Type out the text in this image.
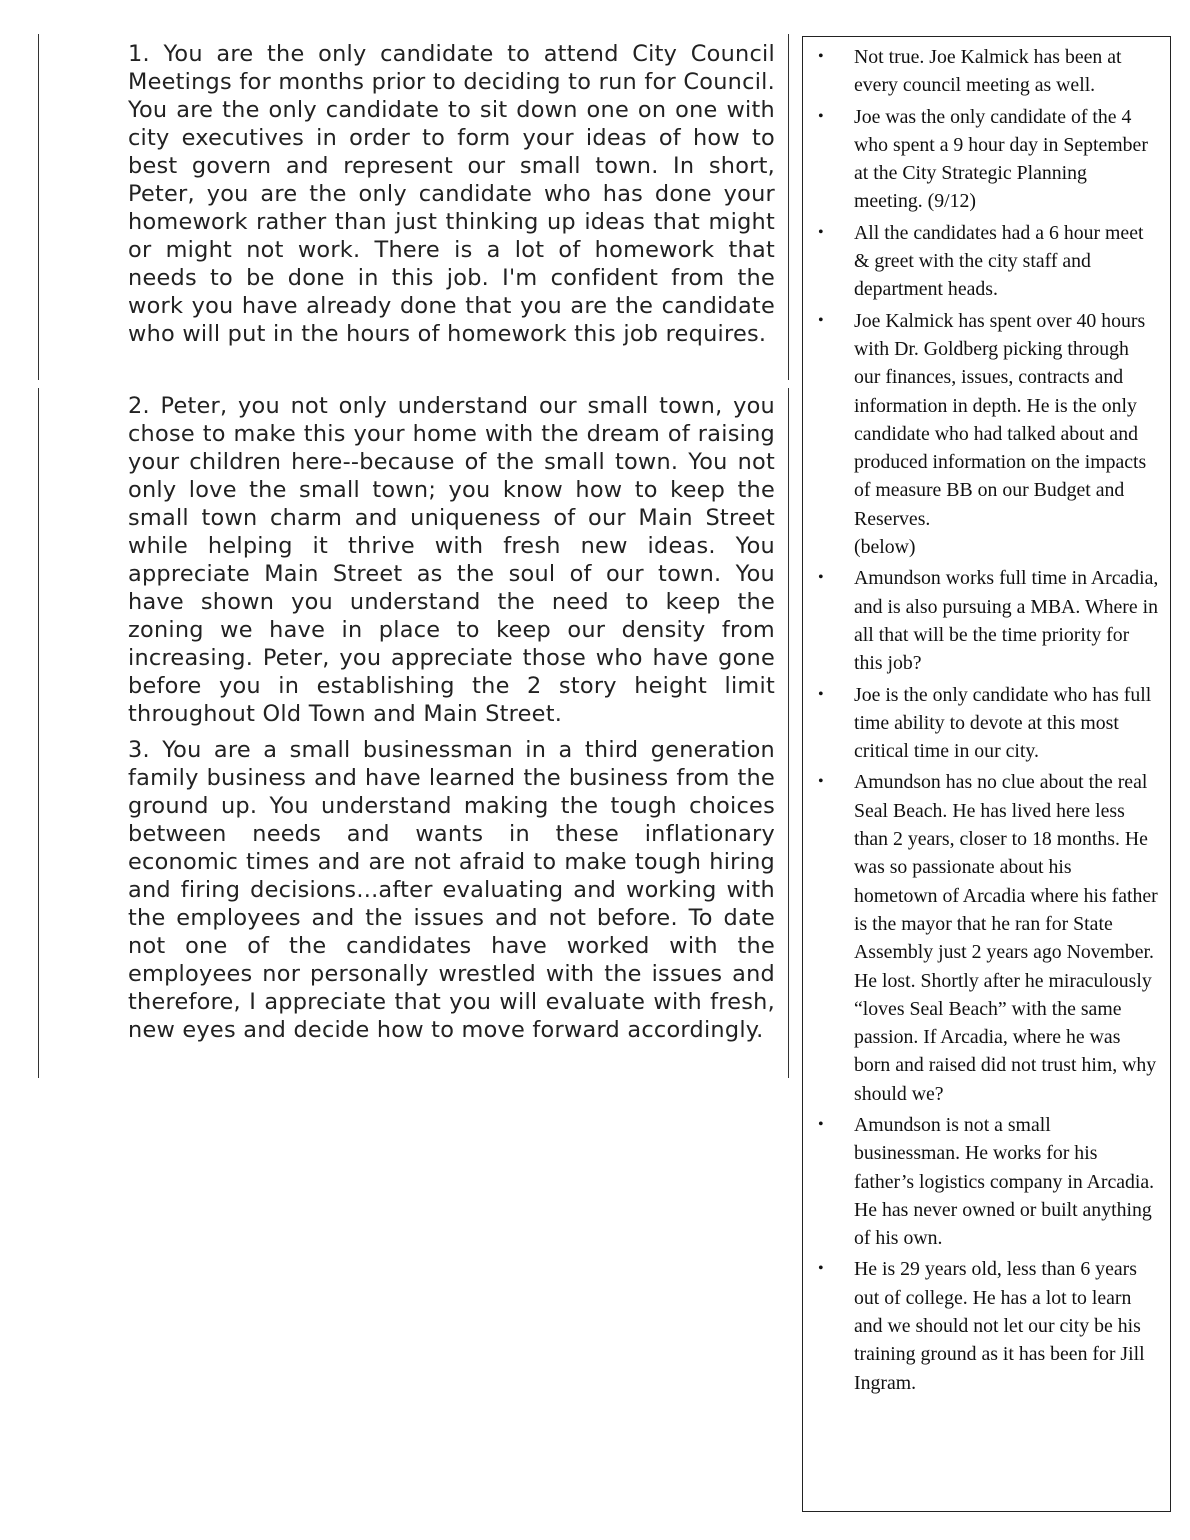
1. You are the only candidate to attend City Council Meetings for months prior to deciding to run for Council. You are the only candidate to sit down one on one with city executives in order to form your ideas of how to best govern and represent our small town. In short, Peter, you are the only candidate who has done your homework rather than just thinking up ideas that might or might not work. There is a lot of homework that needs to be done in this job. I'm confident from the work you have already done that you are the candidate who will put in the hours of homework this job requires.

2. Peter, you not only understand our small town, you chose to make this your home with the dream of raising your children here--because of the small town. You not only love the small town; you know how to keep the small town charm and uniqueness of our Main Street while helping it thrive with fresh new ideas. You appreciate Main Street as the soul of our town. You have shown you understand the need to keep the zoning we have in place to keep our density from increasing. Peter, you appreciate those who have gone before you in establishing the 2 story height limit throughout Old Town and Main Street.

3. You are a small businessman in a third generation family business and have learned the business from the ground up. You understand making the tough choices between needs and wants in these inflationary economic times and are not afraid to make tough hiring and firing decisions...after evaluating and working with the employees and the issues and not before. To date not one of the candidates have worked with the employees nor personally wrestled with the issues and therefore, I appreciate that you will evaluate with fresh, new eyes and decide how to move forward accordingly.

• Not true. Joe Kalmick has been at every council meeting as well.
• Joe was the only candidate of the 4 who spent a 9 hour day in September at the City Strategic Planning meeting. (9/12)
• All the candidates had a 6 hour meet & greet with the city staff and department heads.
• Joe Kalmick has spent over 40 hours with Dr. Goldberg picking through our finances, issues, contracts and information in depth. He is the only candidate who had talked about and produced information on the impacts of measure BB on our Budget and Reserves.
(below)
• Amundson works full time in Arcadia, and is also pursuing a MBA. Where in all that will be the time priority for this job?
• Joe is the only candidate who has full time ability to devote at this most critical time in our city.
• Amundson has no clue about the real Seal Beach. He has lived here less than 2 years, closer to 18 months. He was so passionate about his hometown of Arcadia where his father is the mayor that he ran for State Assembly just 2 years ago November. He lost. Shortly after he miraculously “loves Seal Beach” with the same passion. If Arcadia, where he was born and raised did not trust him, why should we?
• Amundson is not a small businessman. He works for his father’s logistics company in Arcadia. He has never owned or built anything of his own.
• He is 29 years old, less than 6 years out of college. He has a lot to learn and we should not let our city be his training ground as it has been for Jill Ingram.
